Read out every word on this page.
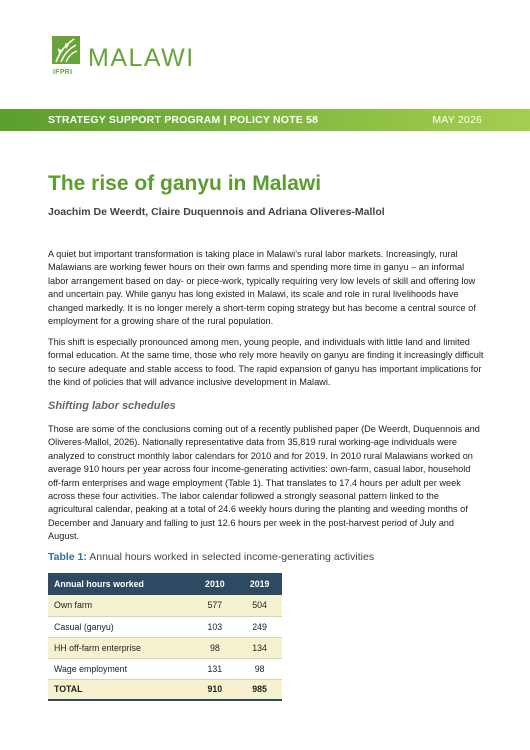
IFPRI
MALAWI
STRATEGY SUPPORT PROGRAM | POLICY NOTE 58	MAY 2026
The rise of ganyu in Malawi
Joachim De Weerdt, Claire Duquennois and Adriana Oliveres-Mallol

A quiet but important transformation is taking place in Malawi’s rural labor markets. Increasingly, rural Malawians are working fewer hours on their own farms and spending more time in ganyu – an informal labor arrangement based on day- or piece-work, typically requiring very low levels of skill and offering low and uncertain pay. While ganyu has long existed in Malawi, its scale and role in rural livelihoods have changed markedly. It is no longer merely a short-term coping strategy but has become a central source of employment for a growing share of the rural population.

This shift is especially pronounced among men, young people, and individuals with little land and limited formal education. At the same time, those who rely more heavily on ganyu are finding it increasingly difficult to secure adequate and stable access to food. The rapid expansion of ganyu has important implications for the kind of policies that will advance inclusive development in Malawi.

Shifting labor schedules

Those are some of the conclusions coming out of a recently published paper (De Weerdt, Duquennois and Oliveres-Mallol, 2026). Nationally representative data from 35,819 rural working-age individuals were analyzed to construct monthly labor calendars for 2010 and for 2019. In 2010 rural Malawians worked on average 910 hours per year across four income-generating activities: own-farm, casual labor, household off-farm enterprises and wage employment (Table 1). That translates to 17.4 hours per adult per week across these four activities. The labor calendar followed a strongly seasonal pattern linked to the agricultural calendar, peaking at a total of 24.6 weekly hours during the planting and weeding months of December and January and falling to just 12.6 hours per week in the post-harvest period of July and August.

Table 1: Annual hours worked in selected income-generating activities
Annual hours worked	2010	2019
Own farm	577	504
Casual (ganyu)	103	249
HH off-farm enterprise	98	134
Wage employment	131	98
TOTAL	910	985
